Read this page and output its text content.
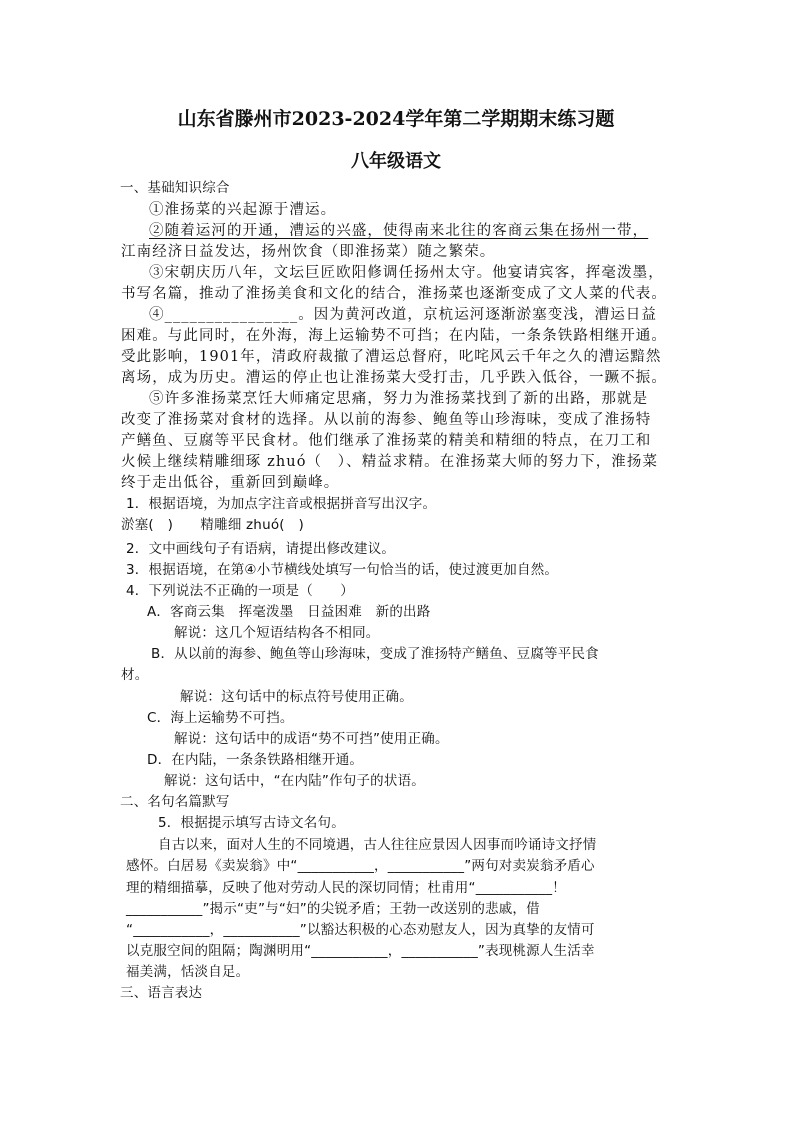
山东省滕州市2023-2024学年第二学期期末练习题
八年级语文
一、基础知识综合
①淮扬菜的兴起源于漕运。
②随着运河的开通，漕运的兴盛，使得南来北往的客商云集在扬州一带，
江南经济日益发达，扬州饮食（即淮扬菜）随之繁荣。
③宋朝庆历八年，文坛巨匠欧阳修调任扬州太守。他宴请宾客，挥毫泼墨，
书写名篇，推动了淮扬美食和文化的结合，淮扬菜也逐渐变成了文人菜的代表。
④________________。因为黄河改道，京杭运河逐渐淤塞变浅，漕运日益
困难。与此同时，在外海，海上运输势不可挡；在内陆，一条条铁路相继开通。
受此影响，1901年，清政府裁撤了漕运总督府，叱咤风云千年之久的漕运黯然
离场，成为历史。漕运的停止也让淮扬菜大受打击，几乎跌入低谷，一蹶不振。
⑤许多淮扬菜烹饪大师痛定思痛，努力为淮扬菜找到了新的出路，那就是
改变了淮扬菜对食材的选择。从以前的海参、鲍鱼等山珍海味，变成了淮扬特
产鳝鱼、豆腐等平民食材。他们继承了淮扬菜的精美和精细的特点，在刀工和
火候上继续精雕细琢 zhuó（　）、精益求精。在淮扬菜大师的努力下，淮扬菜
终于走出低谷，重新回到巅峰。
1．根据语境，为加点字注音或根据拼音写出汉字。
淤塞(　)　　精雕细 zhuó(　)
2．文中画线句子有语病，请提出修改建议。
3．根据语境，在第④小节横线处填写一句恰当的话，使过渡更加自然。
4．下列说法不正确的一项是（　　）
A．客商云集　挥毫泼墨　日益困难　新的出路
解说：这几个短语结构各不相同。
B．从以前的海参、鲍鱼等山珍海味，变成了淮扬特产鳝鱼、豆腐等平民食
材。
解说：这句话中的标点符号使用正确。
C．海上运输势不可挡。
解说：这句话中的成语“势不可挡”使用正确。
D．在内陆，一条条铁路相继开通。
解说：这句话中，“在内陆”作句子的状语。
二、名句名篇默写
5．根据提示填写古诗文名句。
自古以来，面对人生的不同境遇，古人往往应景因人因事而吟诵诗文抒情
感怀。白居易《卖炭翁》中“___________，___________”两句对卖炭翁矛盾心
理的精细描摹，反映了他对劳动人民的深切同情；杜甫用“___________！
___________”揭示“吏”与“妇”的尖锐矛盾；王勃一改送别的悲戚，借
“___________，___________”以豁达积极的心态劝慰友人，因为真挚的友情可
以克服空间的阻隔；陶渊明用“___________，___________”表现桃源人生活幸
福美满，恬淡自足。
三、语言表达
